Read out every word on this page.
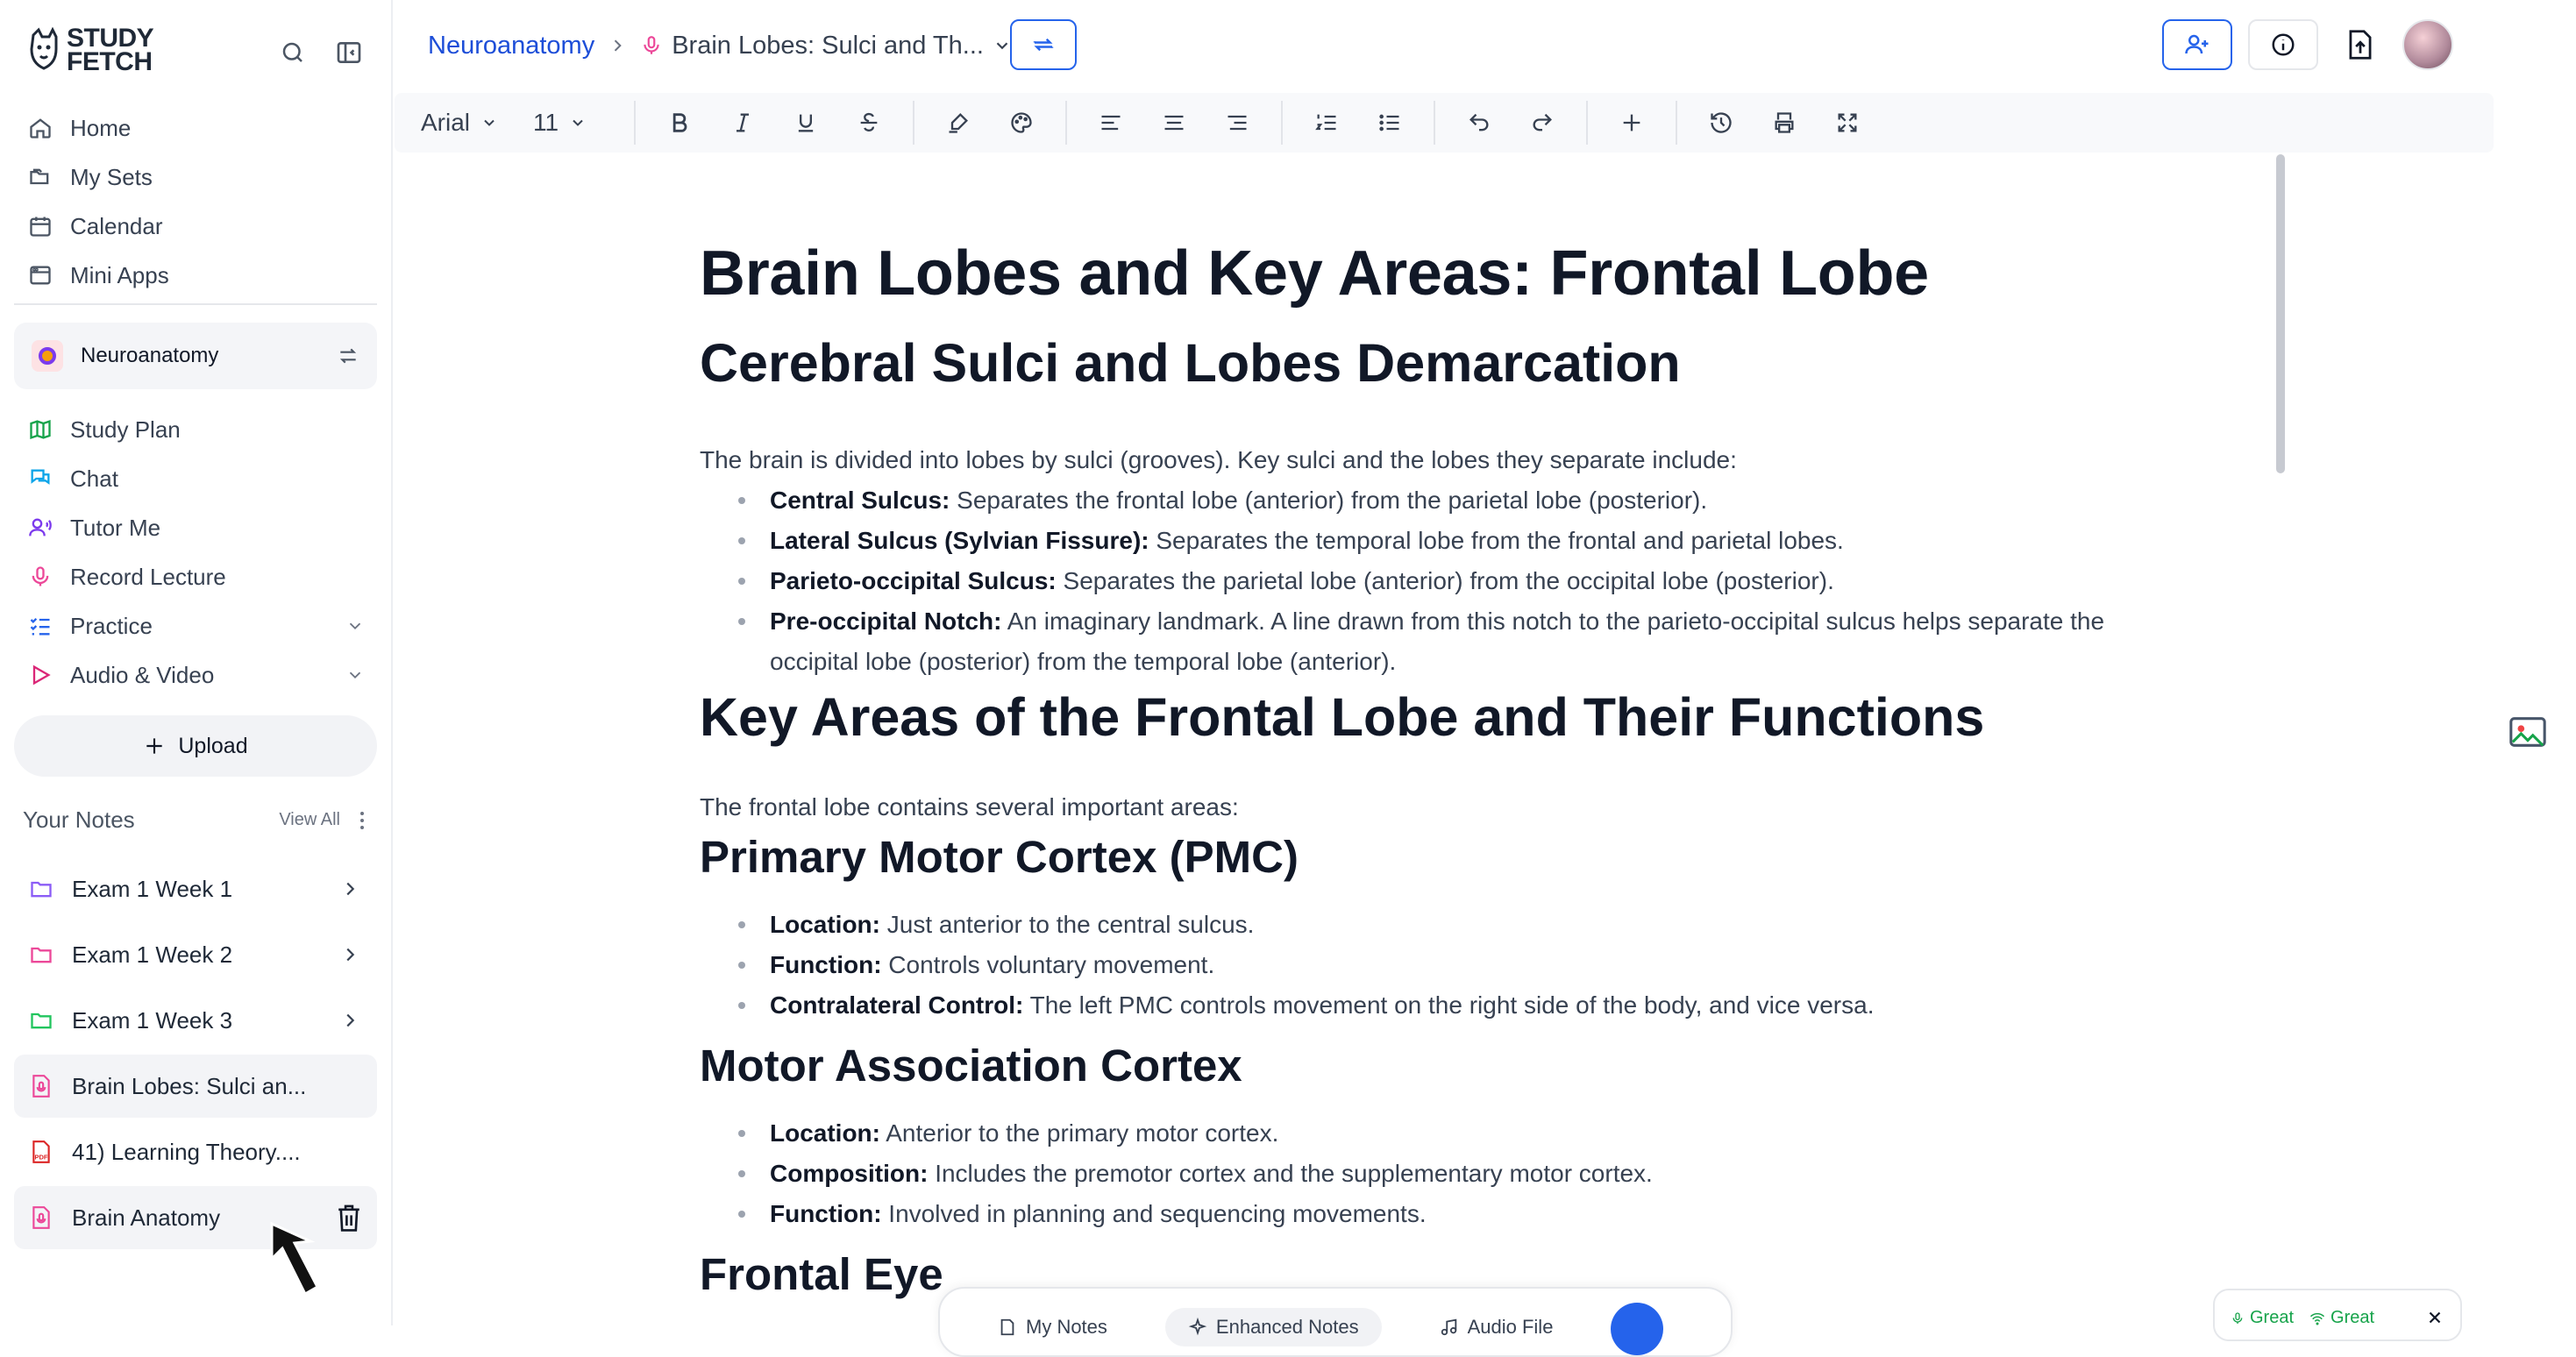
STUDY
FETCH
Home
My Sets
Calendar
Mini Apps
Neuroanatomy
Study Plan
Chat
Tutor Me
Record Lecture
Practice
Audio & Video
Upload
Your Notes	View All
Exam 1 Week 1
Exam 1 Week 2
Exam 1 Week 3
Brain Lobes: Sulci an...
PDF 41) Learning Theory....
Brain Anatomy
Neuroanatomy	Brain Lobes: Sulci and Th...
Arial	11
Brain Lobes and Key Areas: Frontal Lobe
Cerebral Sulci and Lobes Demarcation

The brain is divided into lobes by sulci (grooves). Key sulci and the lobes they separate include:

Central Sulcus: Separates the frontal lobe (anterior) from the parietal lobe (posterior).
Lateral Sulcus (Sylvian Fissure): Separates the temporal lobe from the frontal and parietal lobes.
Parieto-occipital Sulcus: Separates the parietal lobe (anterior) from the occipital lobe (posterior).
Pre-occipital Notch: An imaginary landmark. A line drawn from this notch to the parieto-occipital sulcus helps separate the occipital lobe (posterior) from the temporal lobe (anterior).
Key Areas of the Frontal Lobe and Their Functions

The frontal lobe contains several important areas:

Primary Motor Cortex (PMC)
Location: Just anterior to the central sulcus.
Function: Controls voluntary movement.
Contralateral Control: The left PMC controls movement on the right side of the body, and vice versa.
Motor Association Cortex
Location: Anterior to the primary motor cortex.
Composition: Includes the premotor cortex and the supplementary motor cortex.
Function: Involved in planning and sequencing movements.
Frontal Eye
My Notes	Enhanced Notes	Audio File	Great Great
